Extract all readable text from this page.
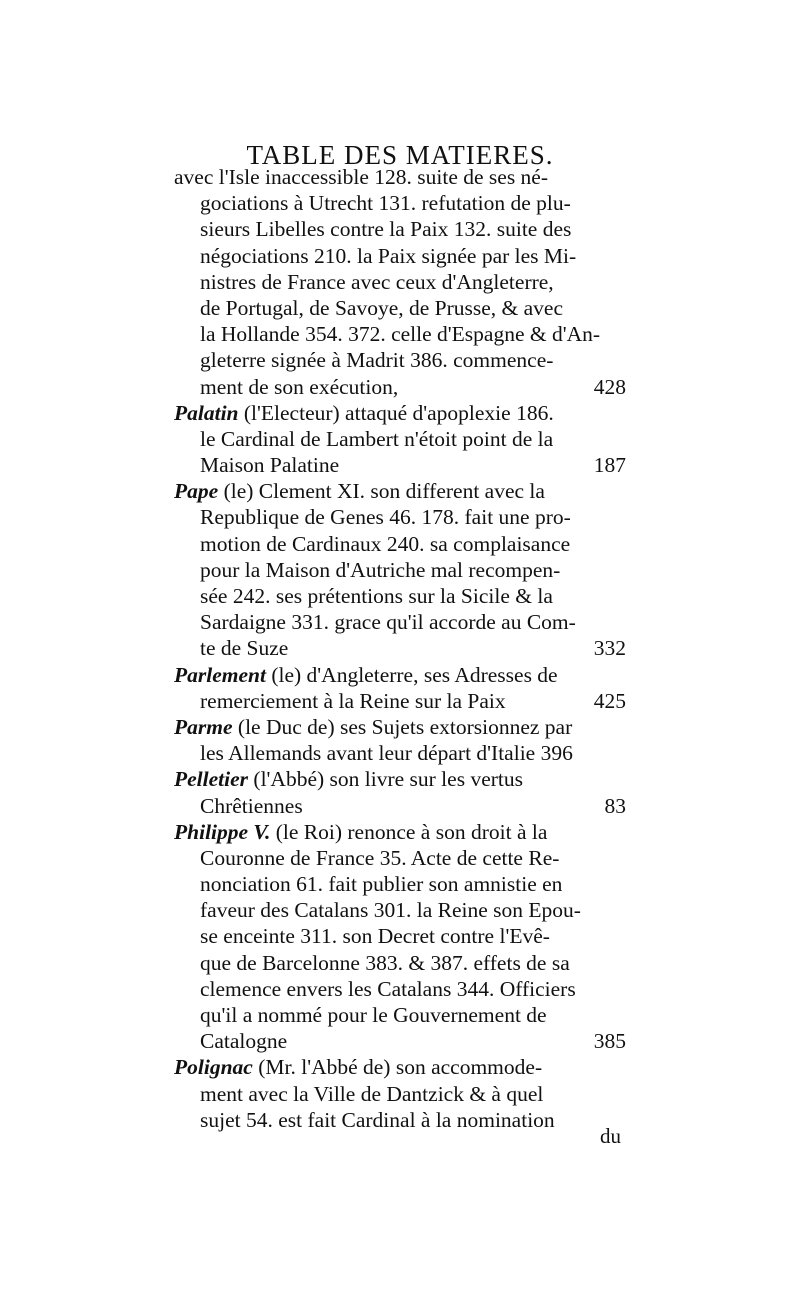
TABLE DES MATIERES.
avec l'Isle inaccessible 128. suite de ses né-
gociations à Utrecht 131. refutation de plu-
sieurs Libelles contre la Paix 132. suite des
négociations 210. la Paix signée par les Mi-
nistres de France avec ceux d'Angleterre,
de Portugal, de Savoye, de Prusse, & avec
la Hollande 354. 372. celle d'Espagne & d'An-
gleterre signée à Madrit 386. commence-
ment de son exécution,	428
Palatin (l'Electeur) attaqué d'apoplexie 186.
le Cardinal de Lambert n'étoit point de la
Maison Palatine	187
Pape (le) Clement XI. son different avec la
Republique de Genes 46. 178. fait une pro-
motion de Cardinaux 240. sa complaisance
pour la Maison d'Autriche mal recompen-
sée 242. ses prétentions sur la Sicile & la
Sardaigne 331. grace qu'il accorde au Com-
te de Suze	332
Parlement (le) d'Angleterre, ses Adresses de
remerciement à la Reine sur la Paix	425
Parme (le Duc de) ses Sujets extorsionnez par
les Allemands avant leur départ d'Italie 396
Pelletier (l'Abbé) son livre sur les vertus
Chrêtiennes	83
Philippe V. (le Roi) renonce à son droit à la
Couronne de France 35. Acte de cette Re-
nonciation 61. fait publier son amnistie en
faveur des Catalans 301. la Reine son Epou-
se enceinte 311. son Decret contre l'Evê-
que de Barcelonne 383. & 387. effets de sa
clemence envers les Catalans 344. Officiers
qu'il a nommé pour le Gouvernement de
Catalogne	385
Polignac (Mr. l'Abbé de) son accommode-
ment avec la Ville de Dantzick & à quel
sujet 54. est fait Cardinal à la nomination
du
